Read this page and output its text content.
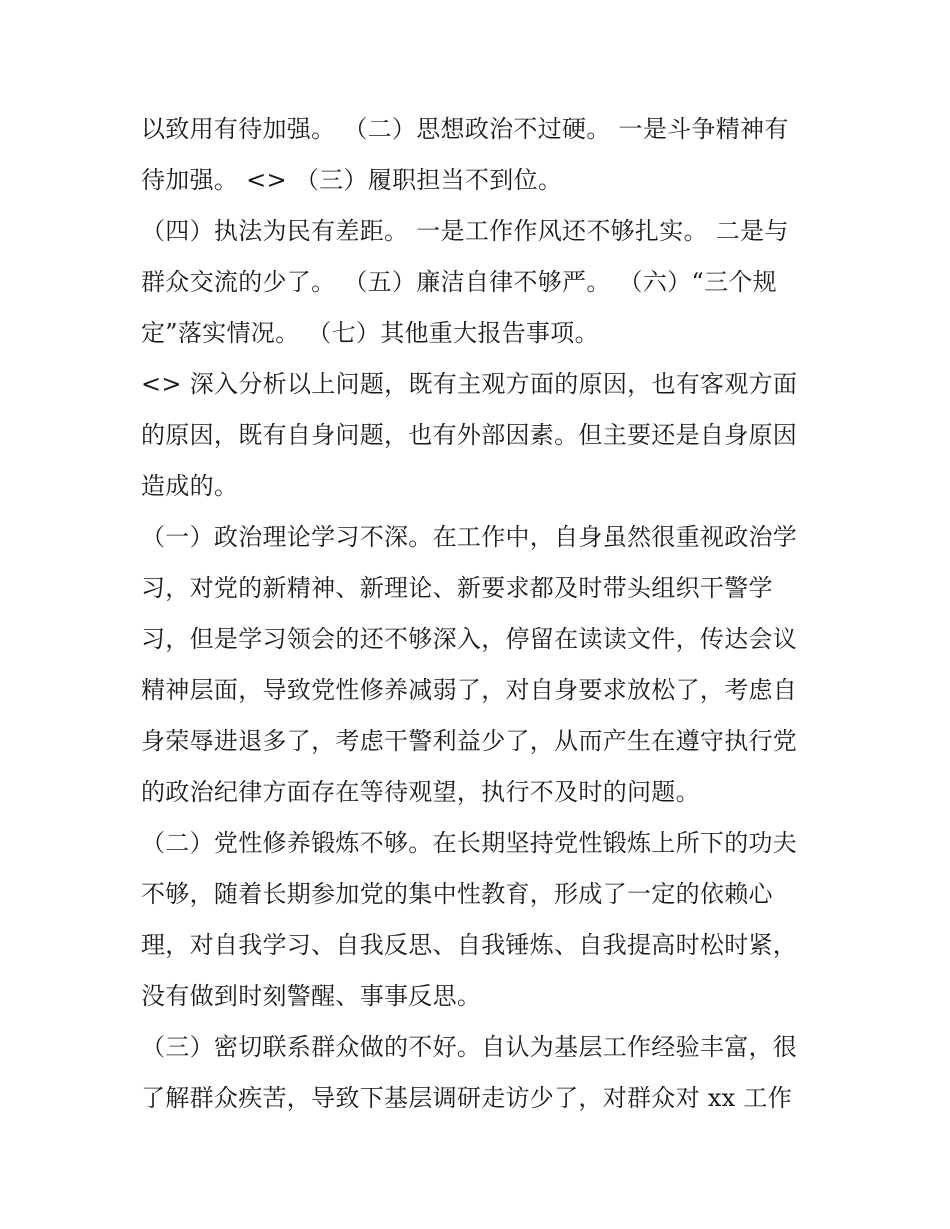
以致用有待加强。 （二）思想政治不过硬。 一是斗争精神有
待加强。 <> （三）履职担当不到位。
（四）执法为民有差距。 一是工作作风还不够扎实。 二是与
群众交流的少了。 （五）廉洁自律不够严。 （六）“三个规
定”落实情况。 （七）其他重大报告事项。
<> 深入分析以上问题，既有主观方面的原因，也有客观方面
的原因，既有自身问题，也有外部因素。但主要还是自身原因
造成的。
（一）政治理论学习不深。在工作中，自身虽然很重视政治学
习，对党的新精神、新理论、新要求都及时带头组织干警学
习，但是学习领会的还不够深入，停留在读读文件，传达会议
精神层面，导致党性修养减弱了，对自身要求放松了，考虑自
身荣辱进退多了，考虑干警利益少了，从而产生在遵守执行党
的政治纪律方面存在等待观望，执行不及时的问题。
（二）党性修养锻炼不够。在长期坚持党性锻炼上所下的功夫
不够，随着长期参加党的集中性教育，形成了一定的依赖心
理，对自我学习、自我反思、自我锤炼、自我提高时松时紧，
没有做到时刻警醒、事事反思。
（三）密切联系群众做的不好。自认为基层工作经验丰富，很
了解群众疾苦，导致下基层调研走访少了，对群众对 xx 工作
